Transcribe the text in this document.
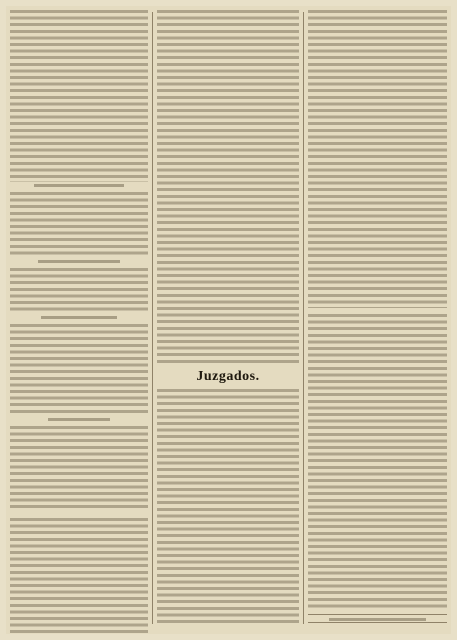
Juzgados.
